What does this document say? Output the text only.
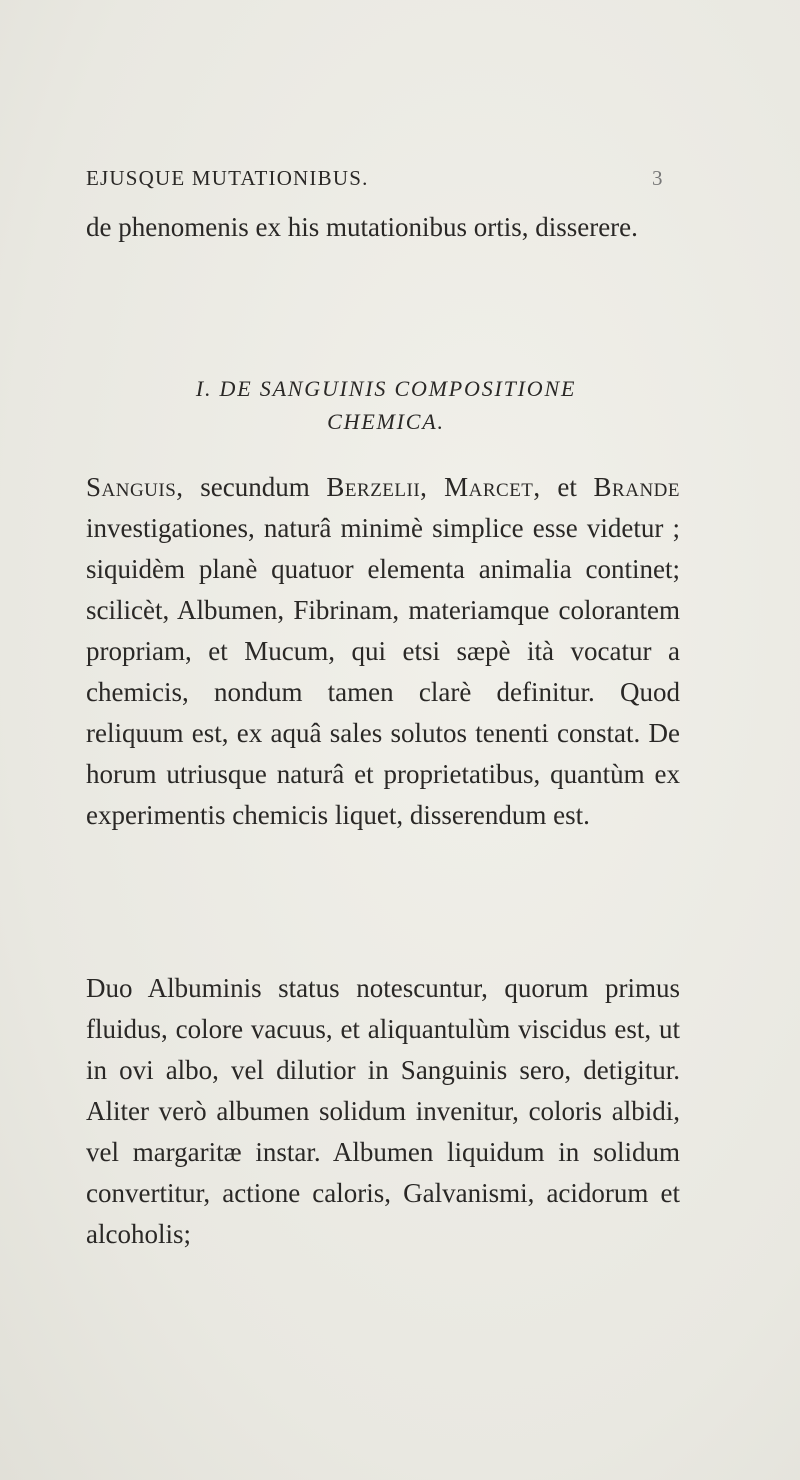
EJUSQUE MUTATIONIBUS.	3

de phenomenis ex his mutationibus ortis, disserere.

I. DE SANGUINIS COMPOSITIONE
CHEMICA.

Sanguis, secundum Berzelii, Marcet, et Brande investigationes, naturâ minimè simplice esse videtur ; siquidèm planè quatuor elementa animalia continet; scilicèt, Albumen, Fibrinam, materiamque colorantem propriam, et Mucum, qui etsi sæpè ità vocatur a chemicis, nondum tamen clarè definitur. Quod reliquum est, ex aquâ sales solutos tenenti constat. De horum utriusque naturâ et proprietatibus, quantùm ex experimentis chemicis liquet, disserendum est.

Duo Albuminis status notescuntur, quorum primus fluidus, colore vacuus, et aliquantulùm viscidus est, ut in ovi albo, vel dilutior in Sanguinis sero, detigitur. Aliter verò albumen solidum invenitur, coloris albidi, vel margaritæ instar. Albumen liquidum in solidum convertitur, actione caloris, Galvanismi, acidorum et alcoholis;
